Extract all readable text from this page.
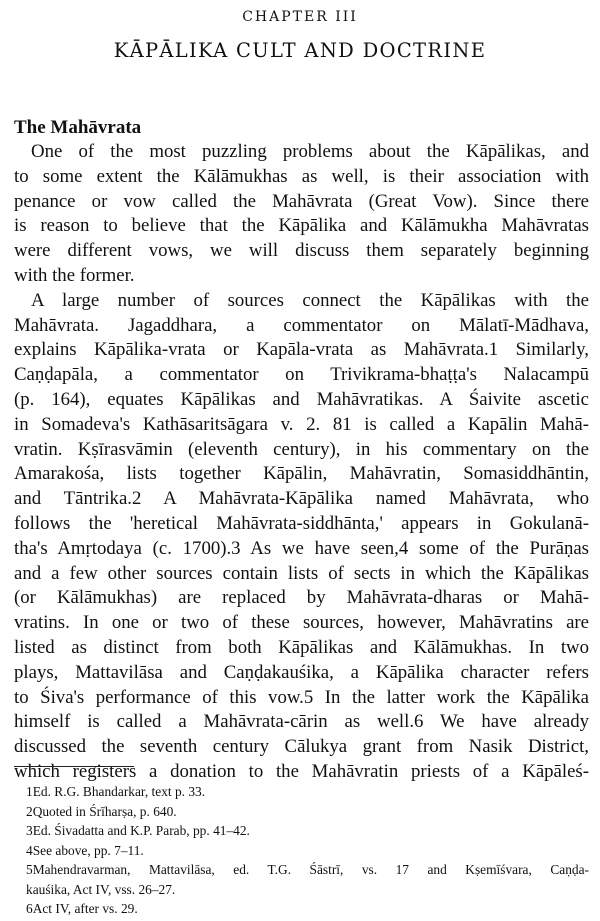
CHAPTER III
KĀPĀLIKA CULT AND DOCTRINE
The Mahāvrata
One of the most puzzling problems about the Kāpālikas, and
to some extent the Kālāmukhas as well, is their association with
penance or vow called the Mahāvrata (Great Vow). Since there
is reason to believe that the Kāpālika and Kālāmukha Mahāvratas
were different vows, we will discuss them separately beginning
with the former.
A large number of sources connect the Kāpālikas with the
Mahāvrata. Jagaddhara, a commentator on Mālatī-Mādhava,
explains Kāpālika-vrata or Kapāla-vrata as Mahāvrata.1 Similarly,
Caṇḍapāla, a commentator on Trivikrama-bhaṭṭa's Nalacampū
(p. 164), equates Kāpālikas and Mahāvratikas. A Śaivite ascetic
in Somadeva's Kathāsaritsāgara v. 2. 81 is called a Kapālin Mahā-
vratin. Kṣīrasvāmin (eleventh century), in his commentary on the
Amarakośa, lists together Kāpālin, Mahāvratin, Somasiddhāntin,
and Tāntrika.2 A Mahāvrata-Kāpālika named Mahāvrata, who
follows the 'heretical Mahāvrata-siddhānta,' appears in Gokulanā-
tha's Amṛtodaya (c. 1700).3 As we have seen,4 some of the Purāṇas
and a few other sources contain lists of sects in which the Kāpālikas
(or Kālāmukhas) are replaced by Mahāvrata-dharas or Mahā-
vratins. In one or two of these sources, however, Mahāvratins are
listed as distinct from both Kāpālikas and Kālāmukhas. In two
plays, Mattavilāsa and Caṇḍakauśika, a Kāpālika character refers
to Śiva's performance of this vow.5 In the latter work the Kāpālika
himself is called a Mahāvrata-cārin as well.6 We have already
discussed the seventh century Cālukya grant from Nasik District,
which registers a donation to the Mahāvratin priests of a Kāpāleś-
1Ed. R.G. Bhandarkar, text p. 33.
2Quoted in Śrīharṣa, p. 640.
3Ed. Śivadatta and K.P. Parab, pp. 41–42.
4See above, pp. 7–11.
5Mahendravarman, Mattavilāsa, ed. T.G. Śāstrī, vs. 17 and Kṣemīśvara, Caṇḍa-
kauśika, Act IV, vss. 26–27.
6Act IV, after vs. 29.
